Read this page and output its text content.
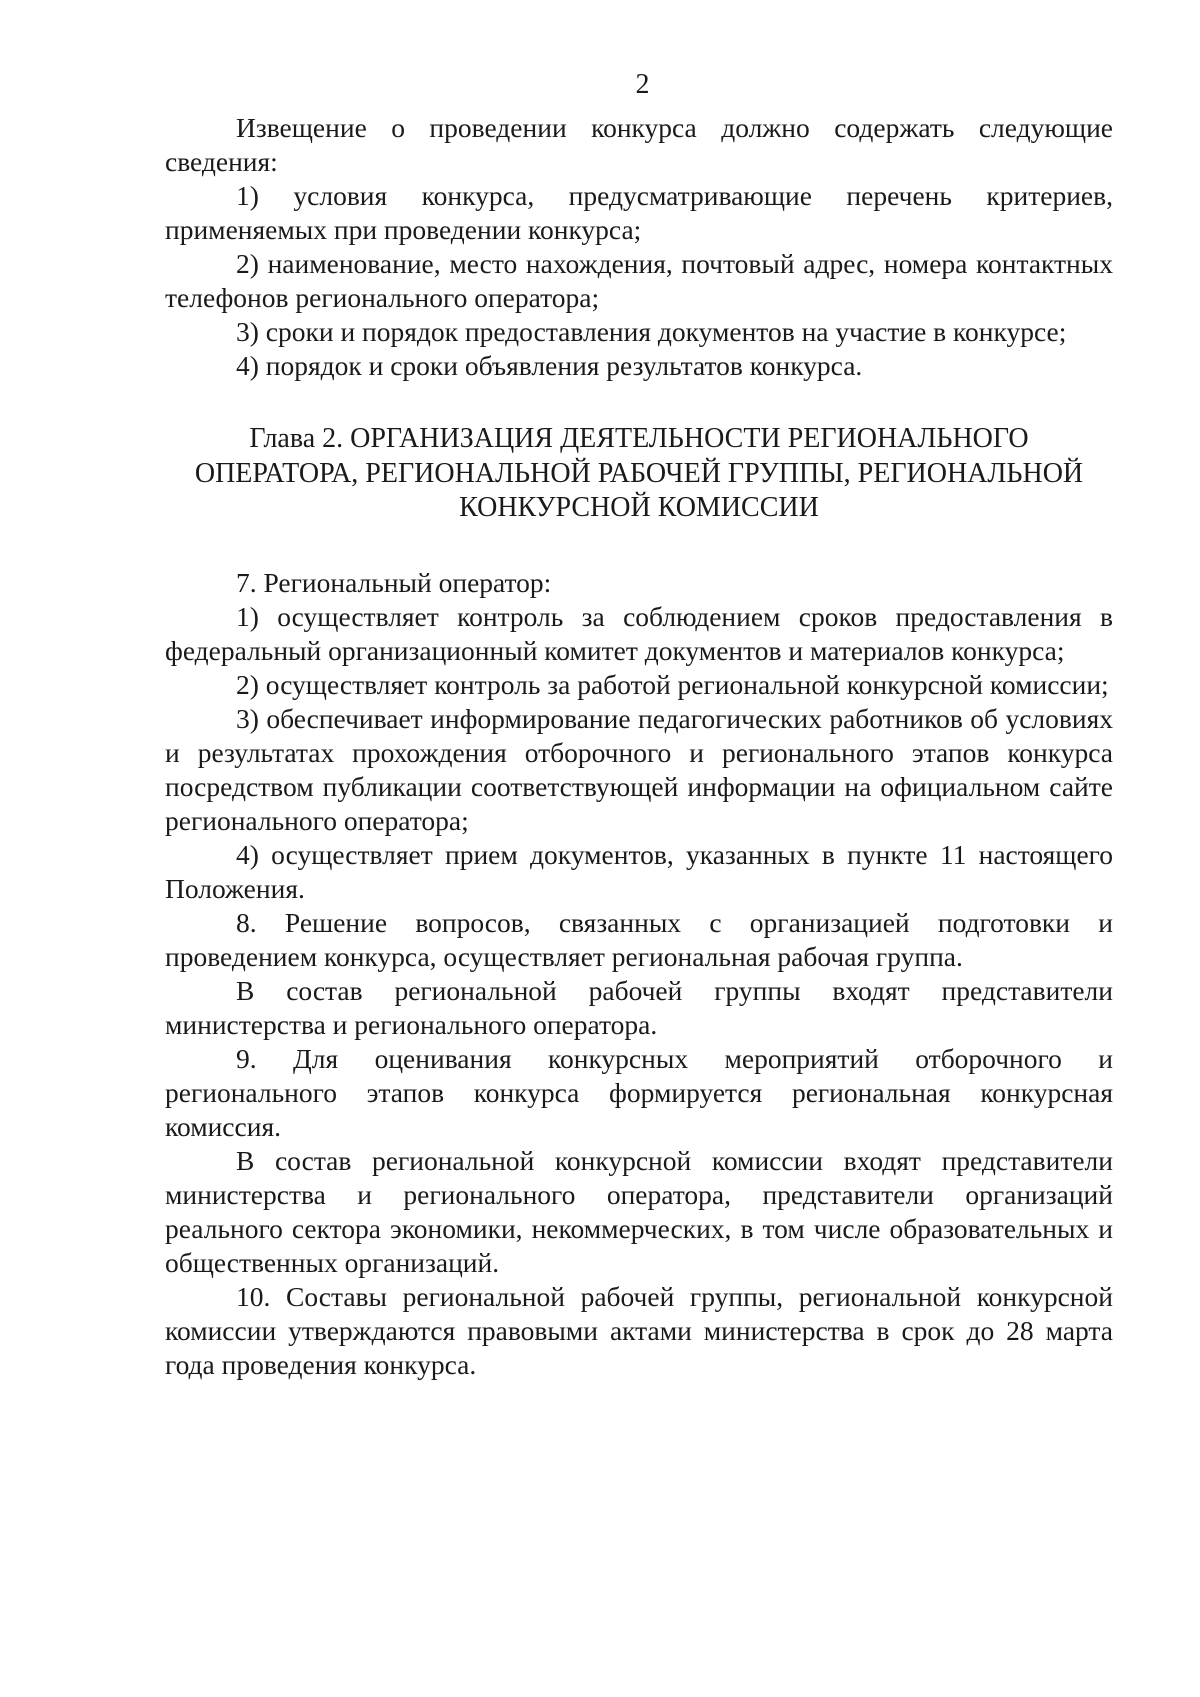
2

Извещение о проведении конкурса должно содержать следующие сведения:

1) условия конкурса, предусматривающие перечень критериев, применяемых при проведении конкурса;

2) наименование, место нахождения, почтовый адрес, номера контактных телефонов регионального оператора;

3) сроки и порядок предоставления документов на участие в конкурсе;

4) порядок и сроки объявления результатов конкурса.

Глава 2. ОРГАНИЗАЦИЯ ДЕЯТЕЛЬНОСТИ РЕГИОНАЛЬНОГО
ОПЕРАТОРА, РЕГИОНАЛЬНОЙ РАБОЧЕЙ ГРУППЫ, РЕГИОНАЛЬНОЙ
КОНКУРСНОЙ КОМИССИИ

7. Региональный оператор:

1) осуществляет контроль за соблюдением сроков предоставления в федеральный организационный комитет документов и материалов конкурса;

2) осуществляет контроль за работой региональной конкурсной комиссии;

3) обеспечивает информирование педагогических работников об условиях и результатах прохождения отборочного и регионального этапов конкурса посредством публикации соответствующей информации на официальном сайте регионального оператора;

4) осуществляет прием документов, указанных в пункте 11 настоящего Положения.

8. Решение вопросов, связанных с организацией подготовки и проведением конкурса, осуществляет региональная рабочая группа.

В состав региональной рабочей группы входят представители министерства и регионального оператора.

9. Для оценивания конкурсных мероприятий отборочного и регионального этапов конкурса формируется региональная конкурсная комиссия.

В состав региональной конкурсной комиссии входят представители министерства и регионального оператора, представители организаций реального сектора экономики, некоммерческих, в том числе образовательных и общественных организаций.

10. Составы региональной рабочей группы, региональной конкурсной комиссии утверждаются правовыми актами министерства в срок до 28 марта года проведения конкурса.
